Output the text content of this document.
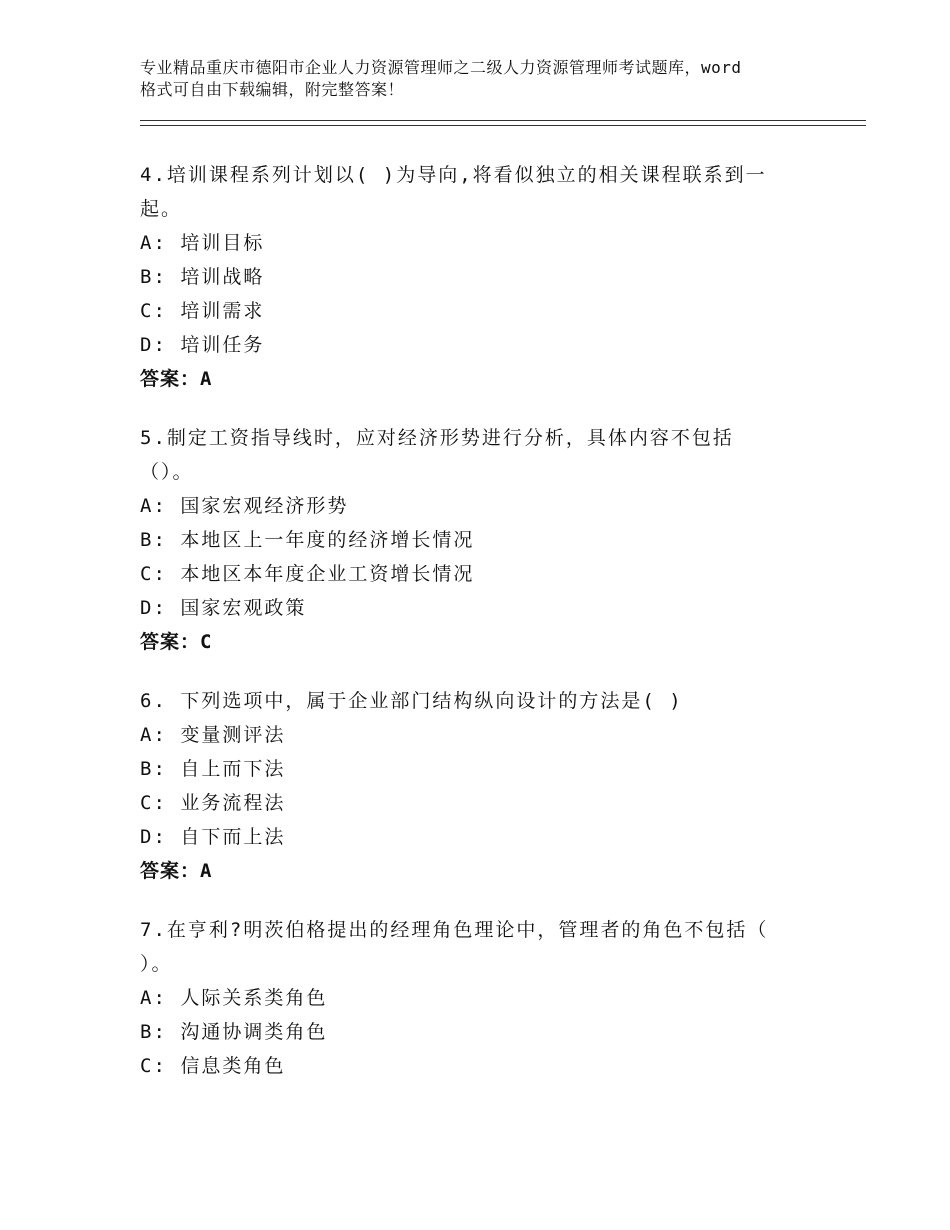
专业精品重庆市德阳市企业人力资源管理师之二级人力资源管理师考试题库，word
格式可自由下载编辑，附完整答案！

4.培训课程系列计划以( )为导向,将看似独立的相关课程联系到一

起。

A: 培训目标

B: 培训战略

C: 培训需求

D: 培训任务

答案：A

5.制定工资指导线时，应对经济形势进行分析，具体内容不包括

（）。

A: 国家宏观经济形势

B: 本地区上一年度的经济增长情况

C: 本地区本年度企业工资增长情况

D: 国家宏观政策

答案：C

6. 下列选项中，属于企业部门结构纵向设计的方法是( )

A: 变量测评法

B: 自上而下法

C: 业务流程法

D: 自下而上法

答案：A

7.在亨利?明茨伯格提出的经理角色理论中，管理者的角色不包括（

）。

A: 人际关系类角色

B: 沟通协调类角色

C: 信息类角色
